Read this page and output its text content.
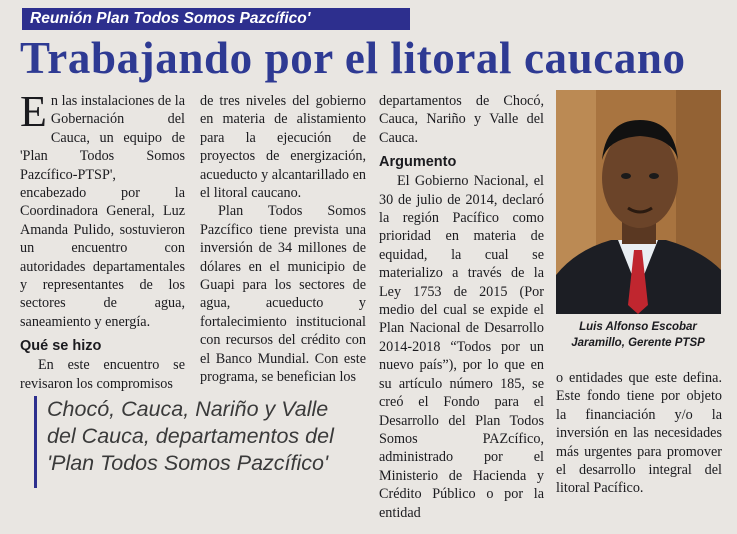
Reunión Plan Todos Somos Pazcífico'
Trabajando por el litoral caucano

En las instalaciones de la Gobernación del Cauca, un equipo de 'Plan Todos Somos Pazcífico-PTSP', encabezado por la Coordinadora General, Luz Amanda Pulido, sostuvieron un encuentro con autoridades departamentales y representantes de los sectores de agua, saneamiento y energía.

Qué se hizo

En este encuentro se revisaron los compromisos

de tres niveles del gobierno en materia de alistamiento para la ejecución de proyectos de energización, acueducto y alcantarillado en el litoral caucano.

Plan Todos Somos Pazcífico tiene prevista una inversión de 34 millones de dólares en el municipio de Guapi para los sectores de agua, acueducto y fortalecimiento institucional con recursos del crédito con el Banco Mundial. Con este programa, se benefician los

Chocó, Cauca, Nariño y Valle
del Cauca, departamentos del
'Plan Todos Somos Pazcífico'

departamentos de Chocó, Cauca, Nariño y Valle del Cauca.

Argumento

El Gobierno Nacional, el 30 de julio de 2014, declaró la región Pacífico como prioridad en materia de equidad, la cual se materializo a través de la Ley 1753 de 2015 (Por medio del cual se expide el Plan Nacional de Desarrollo 2014-2018 “Todos por un nuevo país”), por lo que en su artículo número 185, se creó el Fondo para el Desarrollo del Plan Todos Somos PAZcífico, administrado por el Ministerio de Hacienda y Crédito Público o por la entidad

Luis Alfonso Escobar
Jaramillo, Gerente PTSP

o entidades que este defina. Este fondo tiene por objeto la financiación y/o la inversión en las necesidades más urgentes para promover el desarrollo integral del litoral Pacífico.
